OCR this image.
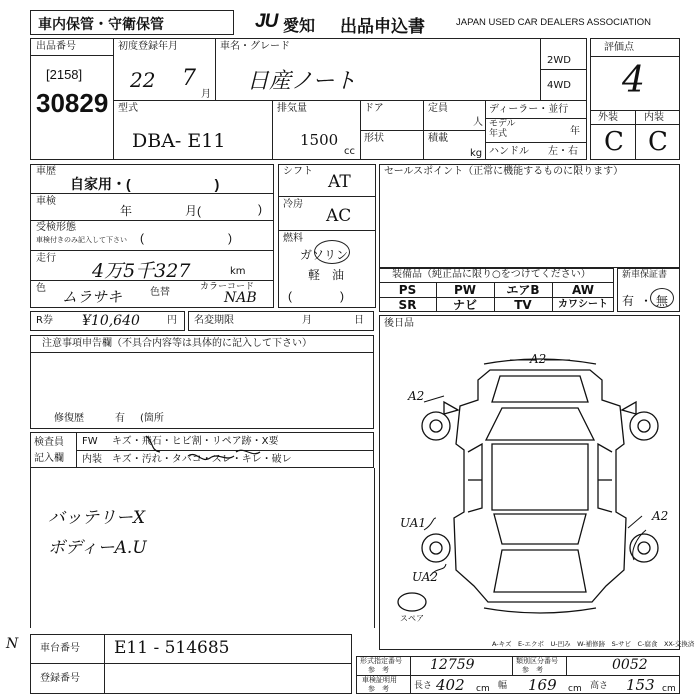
車内保管・守衛保管	JU 愛知 出品申込書	JAPAN USED CAR DEALERS ASSOCIATION
出品番号
[2158]
30829
初度登録年月
22 7
月
車名・グレード
日産ノート
2WD
4WD
評価点
4
外装	内装
C C
型式
DBA- E11
排気量
1500
cc
ドア
形状
定員
人
積載
kg
ディーラー・並行
モデル
年式	年
ハンドル 左・右
車歴
自家用・(　　　　　　)
車検
年	月(	)
受検形態
車検付きのみ記入して下さい (　　　　　　　)
走行
4万5千327	km
色 ムラサキ	色替	カラーコード
NAB
シフト
AT
冷房
AC
燃料
ガソリン
軽　油
(　　　　)
セールスポイント（正常に機能するものに限ります）
装備品（純正品に限り○をつけてください）
PS	PW	エアB	AW
SR	ナビ	TV	カワシート
新車保証書
有 ・ 無
R券 ¥10,640	円 名変期限	月	日 後日品
注意事項申告欄（不具合内容等は具体的に記入して下さい）
修復歴	有 (箇所
検査員
記入欄
FW キズ・飛石・ヒビ割・リペア跡・X要
内装 キズ・汚れ・タバコ・スレ・キレ・破レ
バッテリーX
ボディーA.U
A2
A2
A2
UA1
UA2
スペア
A-キズ　E-エクボ　U-凹み　W-補修跡　S-サビ　C-腐食　XX-交換済
N 車台番号 E11 - 514685
登録番号
形式指定番号
参　考	12759	類別区分番号
参　考	0052
車検証明用
参　考	長さ 402 cm 幅 169 cm 高さ 153 cm
